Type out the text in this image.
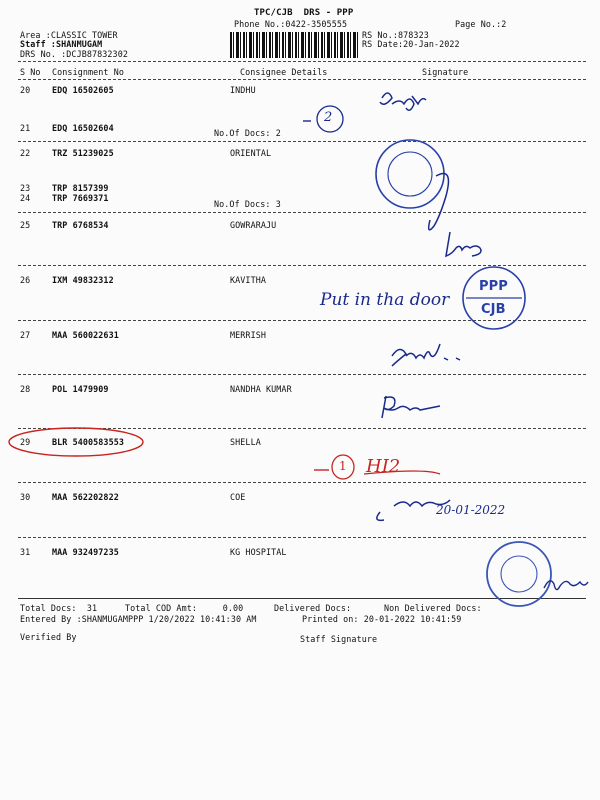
TPC/CJB  DRS - PPP
Phone No.:0422-3505555	Page No.:2
Area :CLASSIC TOWER
Staff :SHANMUGAM
DRS No. :DCJB87832302
RS No.:878323
RS Date:20-Jan-2022
S No Consignment No	Consignee Details	Signature
20	EDQ 16502605	INDHU
21	EDQ 16502604	No.Of Docs: 2
22	TRZ 51239025	ORIENTAL
23	TRP 8157399
24	TRP 7669371
No.Of Docs: 3
25	TRP 6768534	GOWRARAJU
26	IXM 49832312	KAVITHA
27	MAA 560022631	MERRISH
28	POL 1479909	NANDHA KUMAR
29	BLR 5400583553	SHELLA
30	MAA 562202822	COE
31	MAA 932497235	KG HOSPITAL
Total Docs:  31	Total COD Amt:     0.00	Delivered Docs:	Non Delivered Docs:
Entered By :SHANMUGAMPPP 1/20/2022 10:41:30 AM	Printed on: 20-01-2022 10:41:59
Verified By	Staff Signature
2
Put in tha door
PPP
CJB
1 HI2
20-01-2022
